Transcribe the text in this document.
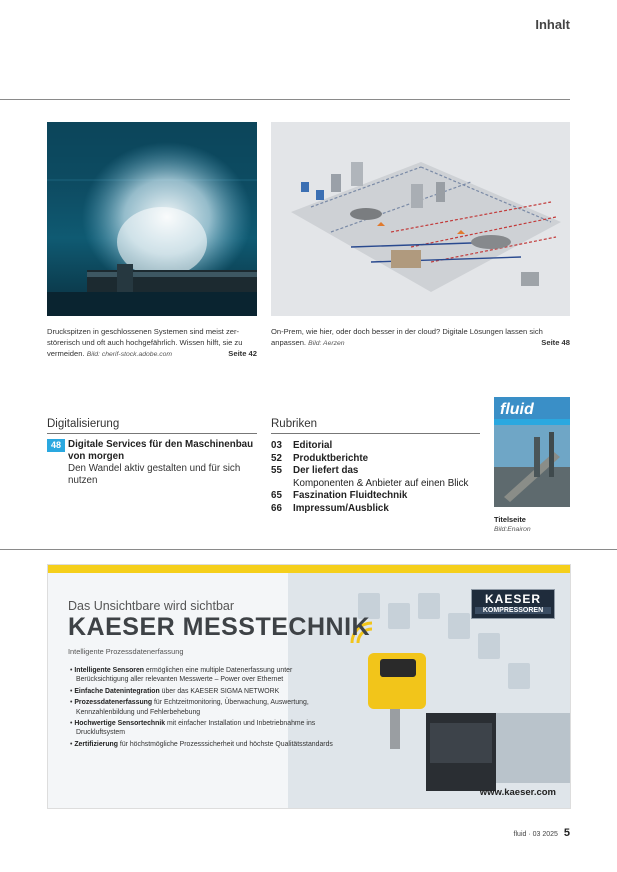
Inhalt
Druckspitzen in geschlossenen Systemen sind meist zer-störerisch und oft auch hochgefährlich. Wissen hilft, sie zu vermeiden. Bild: cherif-stock.adobe.com	Seite 42
On-Prem, wie hier, oder doch besser in der cloud? Digitale Lösungen lassen sich anpassen. Bild: Aerzen	Seite 48
Digitalisierung
48 Digitale Services für den Maschinenbau von morgen
Den Wandel aktiv gestalten und für sich nutzen
Rubriken
03 Editorial
52 Produktberichte
55 Der liefert das
Komponenten & Anbieter auf einen Blick
65 Faszination Fluidtechnik
66 Impressum/Ausblick
fluid
Titelseite
Bild:Enairon
KAESER
KOMPRESSOREN
Das Unsichtbare wird sichtbar
KAESER MESSTECHNIK
Intelligente Prozessdatenerfassung
• Intelligente Sensoren ermöglichen eine multiple Datenerfassung unter Berücksichtigung aller relevanten Messwerte – Power over Ethernet
• Einfache Datenintegration über das KAESER SIGMA NETWORK
• Prozessdatenerfassung für Echtzeitmonitoring, Überwachung, Auswertung, Kennzahlenbildung und Fehlerbehebung
• Hochwertige Sensortechnik mit einfacher Installation und Inbetriebnahme ins Druckluftsystem
• Zertifizierung für höchstmögliche Prozesssicherheit und höchste Qualitätsstandards
www.kaeser.com
fluid · 03 2025 5
